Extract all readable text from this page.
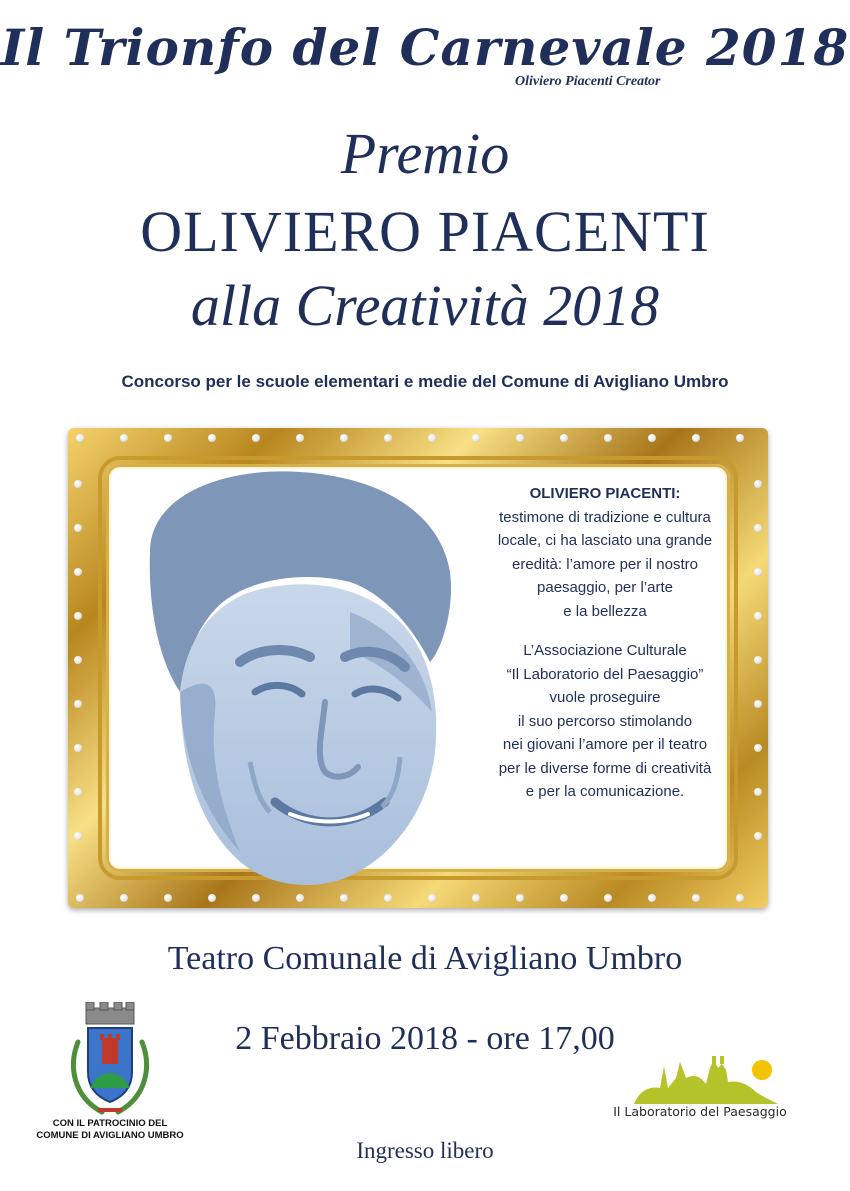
Il Trionfo del Carnevale 2018
Oliviero Piacenti Creator
Premio
OLIVIERO PIACENTI
alla Creatività 2018
Concorso per le scuole elementari e medie del Comune di Avigliano Umbro

OLIVIERO PIACENTI:

testimone di tradizione e cultura

locale, ci ha lasciato una grande

eredità: l’amore per il nostro

paesaggio, per l’arte

e la bellezza

L’Associazione Culturale

“Il Laboratorio del Paesaggio”

vuole proseguire

il suo percorso stimolando

nei giovani l’amore per il teatro

per le diverse forme di creatività

e per la comunicazione.

Teatro Comunale di Avigliano Umbro
2 Febbraio 2018 - ore 17,00
Ingresso libero
CON IL PATROCINIO DEL
COMUNE DI AVIGLIANO UMBRO
Il Laboratorio del Paesaggio
